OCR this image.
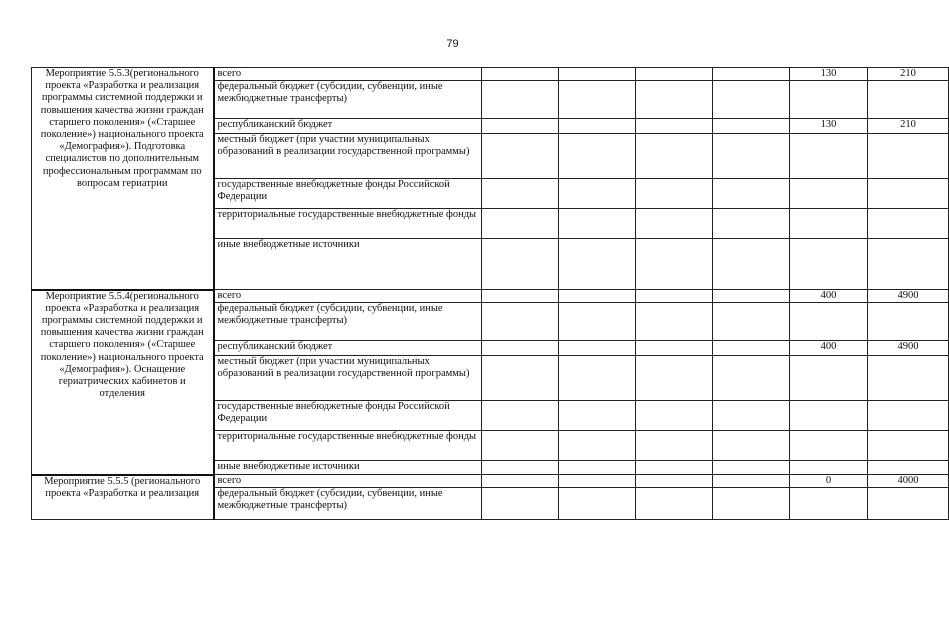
79
Мероприятие 5.5.3(регионального проекта «Разработка и реализация программы системной поддержки и повышения качества жизни граждан старшего поколения» («Старшее поколение») национального проекта «Демография»). Подготовка специалистов по дополнительным профессиональным программам по вопросам гериатрии	всего					130	210
	федеральный бюджет (субсидии, субвенции, иные межбюджетные трансферты)						
	республиканский бюджет					130	210
	местный бюджет (при участии муниципальных образований в реализации государственной программы)						
	государственные внебюджетные фонды Российской Федерации						
	территориальные государственные внебюджетные фонды						
	иные внебюджетные источники						
Мероприятие 5.5.4(регионального проекта «Разработка и реализация программы системной поддержки и повышения качества жизни граждан старшего поколения» («Старшее поколение») национального проекта «Демография»). Оснащение гериатрических кабинетов и отделения	всего					400	4900
	федеральный бюджет (субсидии, субвенции, иные межбюджетные трансферты)						
	республиканский бюджет					400	4900
	местный бюджет (при участии муниципальных образований в реализации государственной программы)						
	государственные внебюджетные фонды Российской Федерации						
	территориальные государственные внебюджетные фонды						
	иные внебюджетные источники						
Мероприятие 5.5.5 (регионального проекта «Разработка и реализация	всего					0	4000
	федеральный бюджет (субсидии, субвенции, иные межбюджетные трансферты)						
